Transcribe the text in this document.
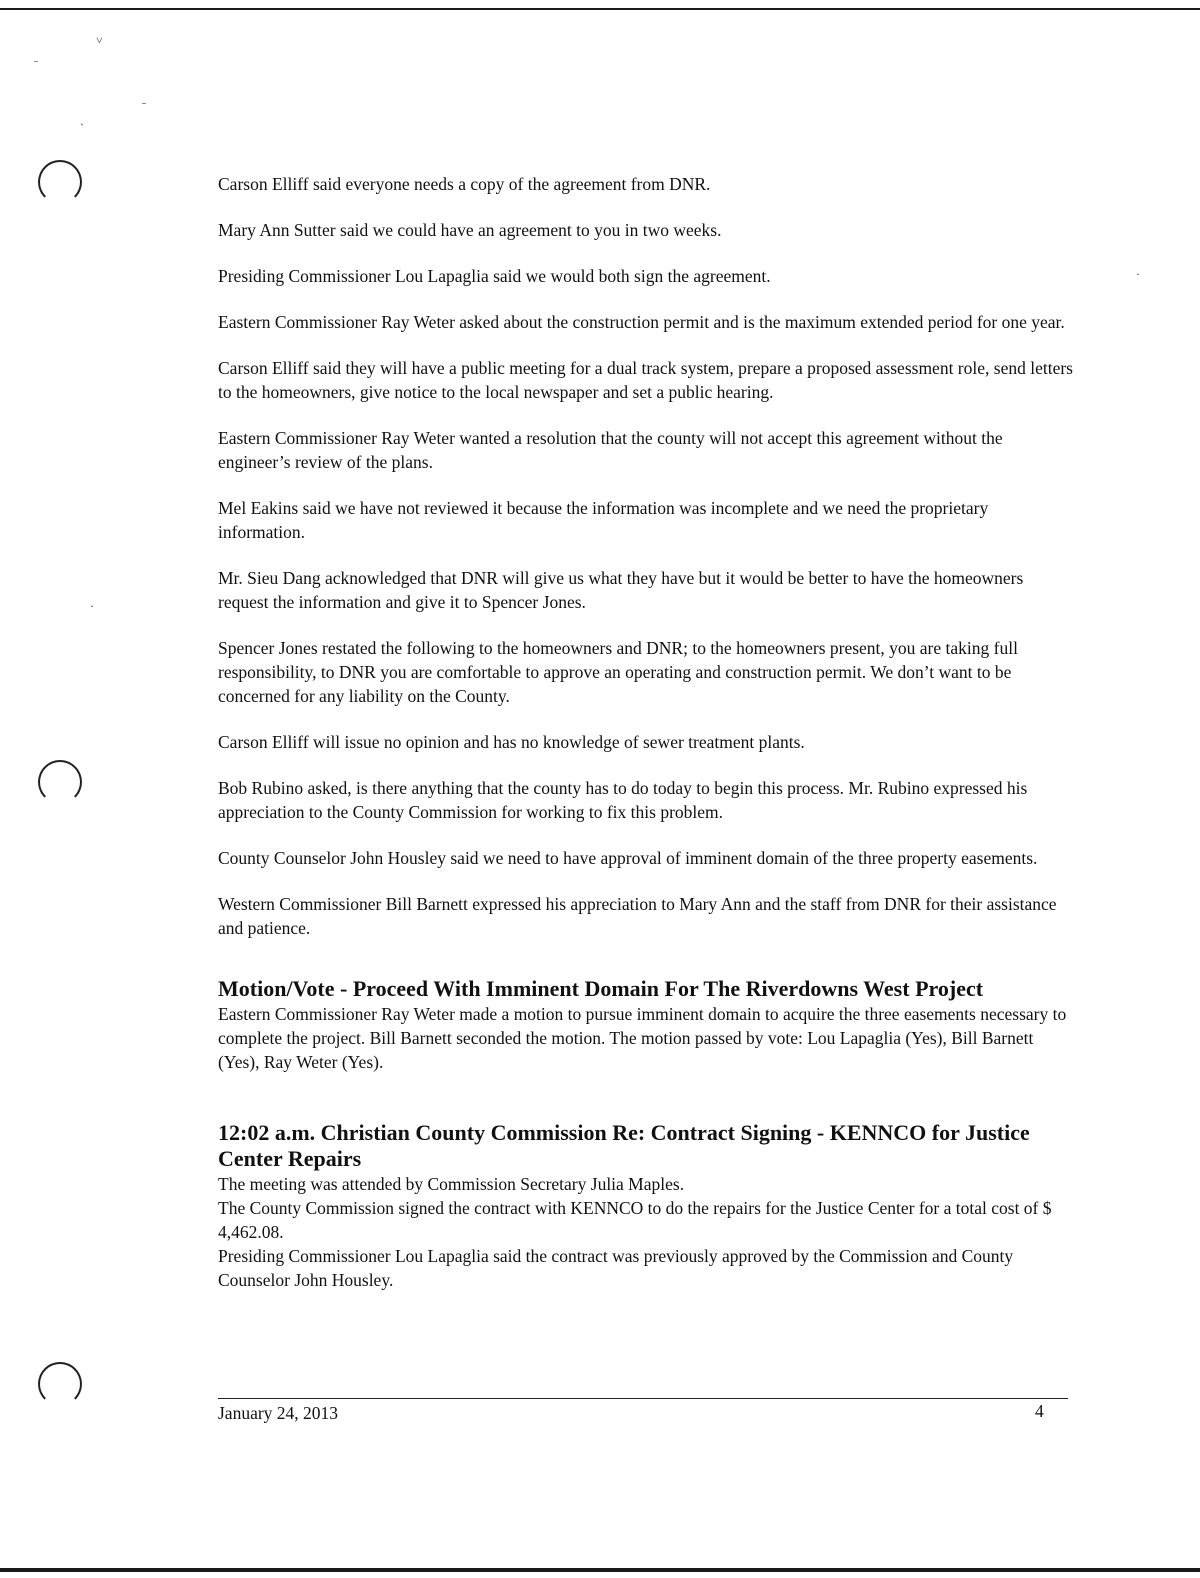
˅
ˍ
ˍ
`
·
·

Carson Elliff said everyone needs a copy of the agreement from DNR.

Mary Ann Sutter said we could have an agreement to you in two weeks.

Presiding Commissioner Lou Lapaglia said we would both sign the agreement.

Eastern Commissioner Ray Weter asked about the construction permit and is the maximum extended period for one year.

Carson Elliff said they will have a public meeting for a dual track system, prepare a proposed assessment role, send letters to the homeowners, give notice to the local newspaper and set a public hearing.

Eastern Commissioner Ray Weter wanted a resolution that the county will not accept this agreement without the engineer’s review of the plans.

Mel Eakins said we have not reviewed it because the information was incomplete and we need the proprietary information.

Mr. Sieu Dang acknowledged that DNR will give us what they have but it would be better to have the homeowners request the information and give it to Spencer Jones.

Spencer Jones restated the following to the homeowners and DNR; to the homeowners present, you are taking full responsibility, to DNR you are comfortable to approve an operating and construction permit. We don’t want to be concerned for any liability on the County.

Carson Elliff will issue no opinion and has no knowledge of sewer treatment plants.

Bob Rubino asked, is there anything that the county has to do today to begin this process. Mr. Rubino expressed his appreciation to the County Commission for working to fix this problem.

County Counselor John Housley said we need to have approval of imminent domain of the three property easements.

Western Commissioner Bill Barnett expressed his appreciation to Mary Ann and the staff from DNR for their assistance and patience.

Motion/Vote - Proceed With Imminent Domain For The Riverdowns West Project

Eastern Commissioner Ray Weter made a motion to pursue imminent domain to acquire the three easements necessary to complete the project. Bill Barnett seconded the motion. The motion passed by vote: Lou Lapaglia (Yes), Bill Barnett (Yes), Ray Weter (Yes).

12:02 a.m. Christian County Commission Re: Contract Signing - KENNCO for Justice Center Repairs

The meeting was attended by Commission Secretary Julia Maples.

The County Commission signed the contract with KENNCO to do the repairs for the Justice Center for a total cost of $ 4,462.08.

Presiding Commissioner Lou Lapaglia said the contract was previously approved by the Commission and County Counselor John Housley.

January 24, 2013	4
